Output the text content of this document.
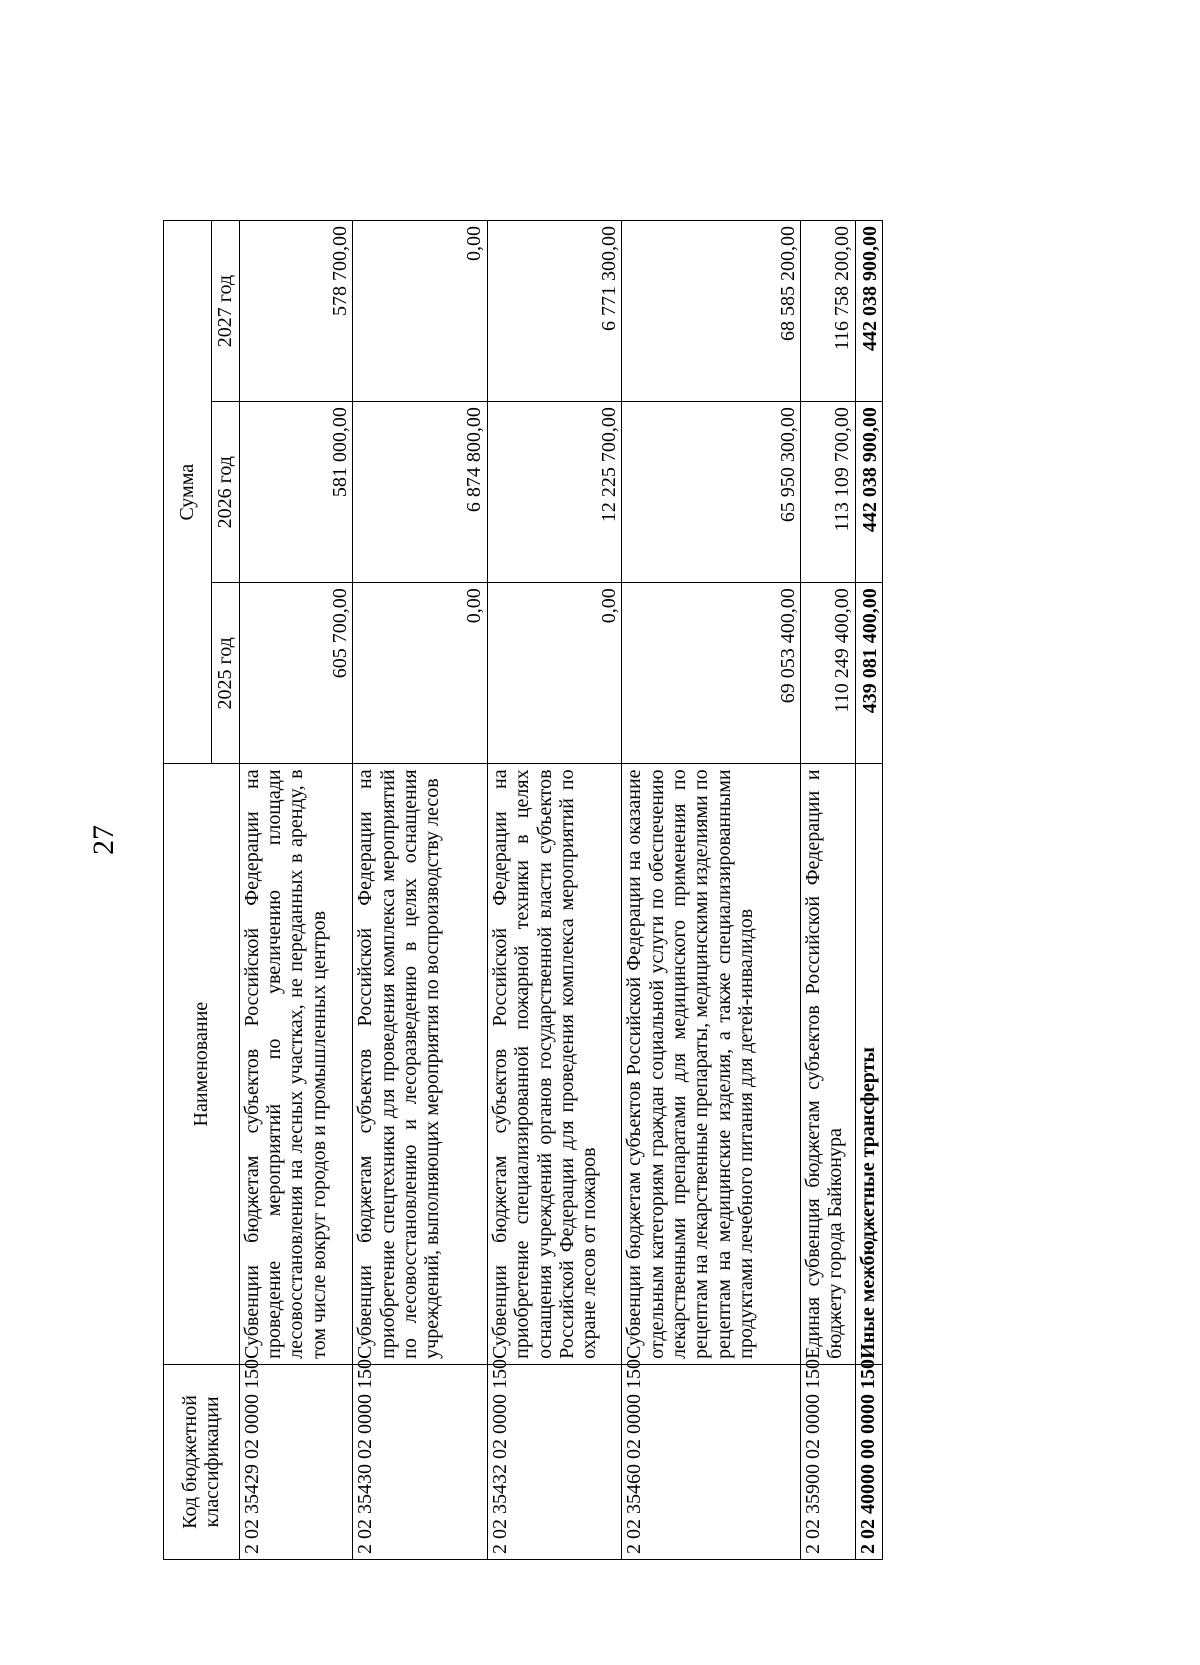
27
Код бюджетной классификации	Наименование	Сумма		
		2025 год	2026 год	2027 год
2 02 35429 02 0000 150	Субвенции бюджетам субъектов Российской Федерации на проведение мероприятий по увеличению площади лесовосстановления на лесных участках, не переданных в аренду, в том числе вокруг городов и промышленных центров	605 700,00	581 000,00	578 700,00
2 02 35430 02 0000 150	Субвенции бюджетам субъектов Российской Федерации на приобретение спецтехники для проведения комплекса мероприятий по лесовосстановлению и лесоразведению в целях оснащения учреждений, выполняющих мероприятия по воспроизводству лесов	0,00	6 874 800,00	0,00
2 02 35432 02 0000 150	Субвенции бюджетам субъектов Российской Федерации на приобретение специализированной пожарной техники в целях оснащения учреждений органов государственной власти субъектов Российской Федерации для проведения комплекса мероприятий по охране лесов от пожаров	0,00	12 225 700,00	6 771 300,00
2 02 35460 02 0000 150	Субвенции бюджетам субъектов Российской Федерации на оказание отдельным категориям граждан социальной услуги по обеспечению лекарственными препаратами для медицинского применения по рецептам на лекарственные препараты, медицинскими изделиями по рецептам на медицинские изделия, а также специализированными продуктами лечебного питания для детей-инвалидов	69 053 400,00	65 950 300,00	68 585 200,00
2 02 35900 02 0000 150	Единая субвенция бюджетам субъектов Российской Федерации и бюджету города Байконура	110 249 400,00	113 109 700,00	116 758 200,00
2 02 40000 00 0000 150	Иные межбюджетные трансферты	439 081 400,00	442 038 900,00	442 038 900,00
